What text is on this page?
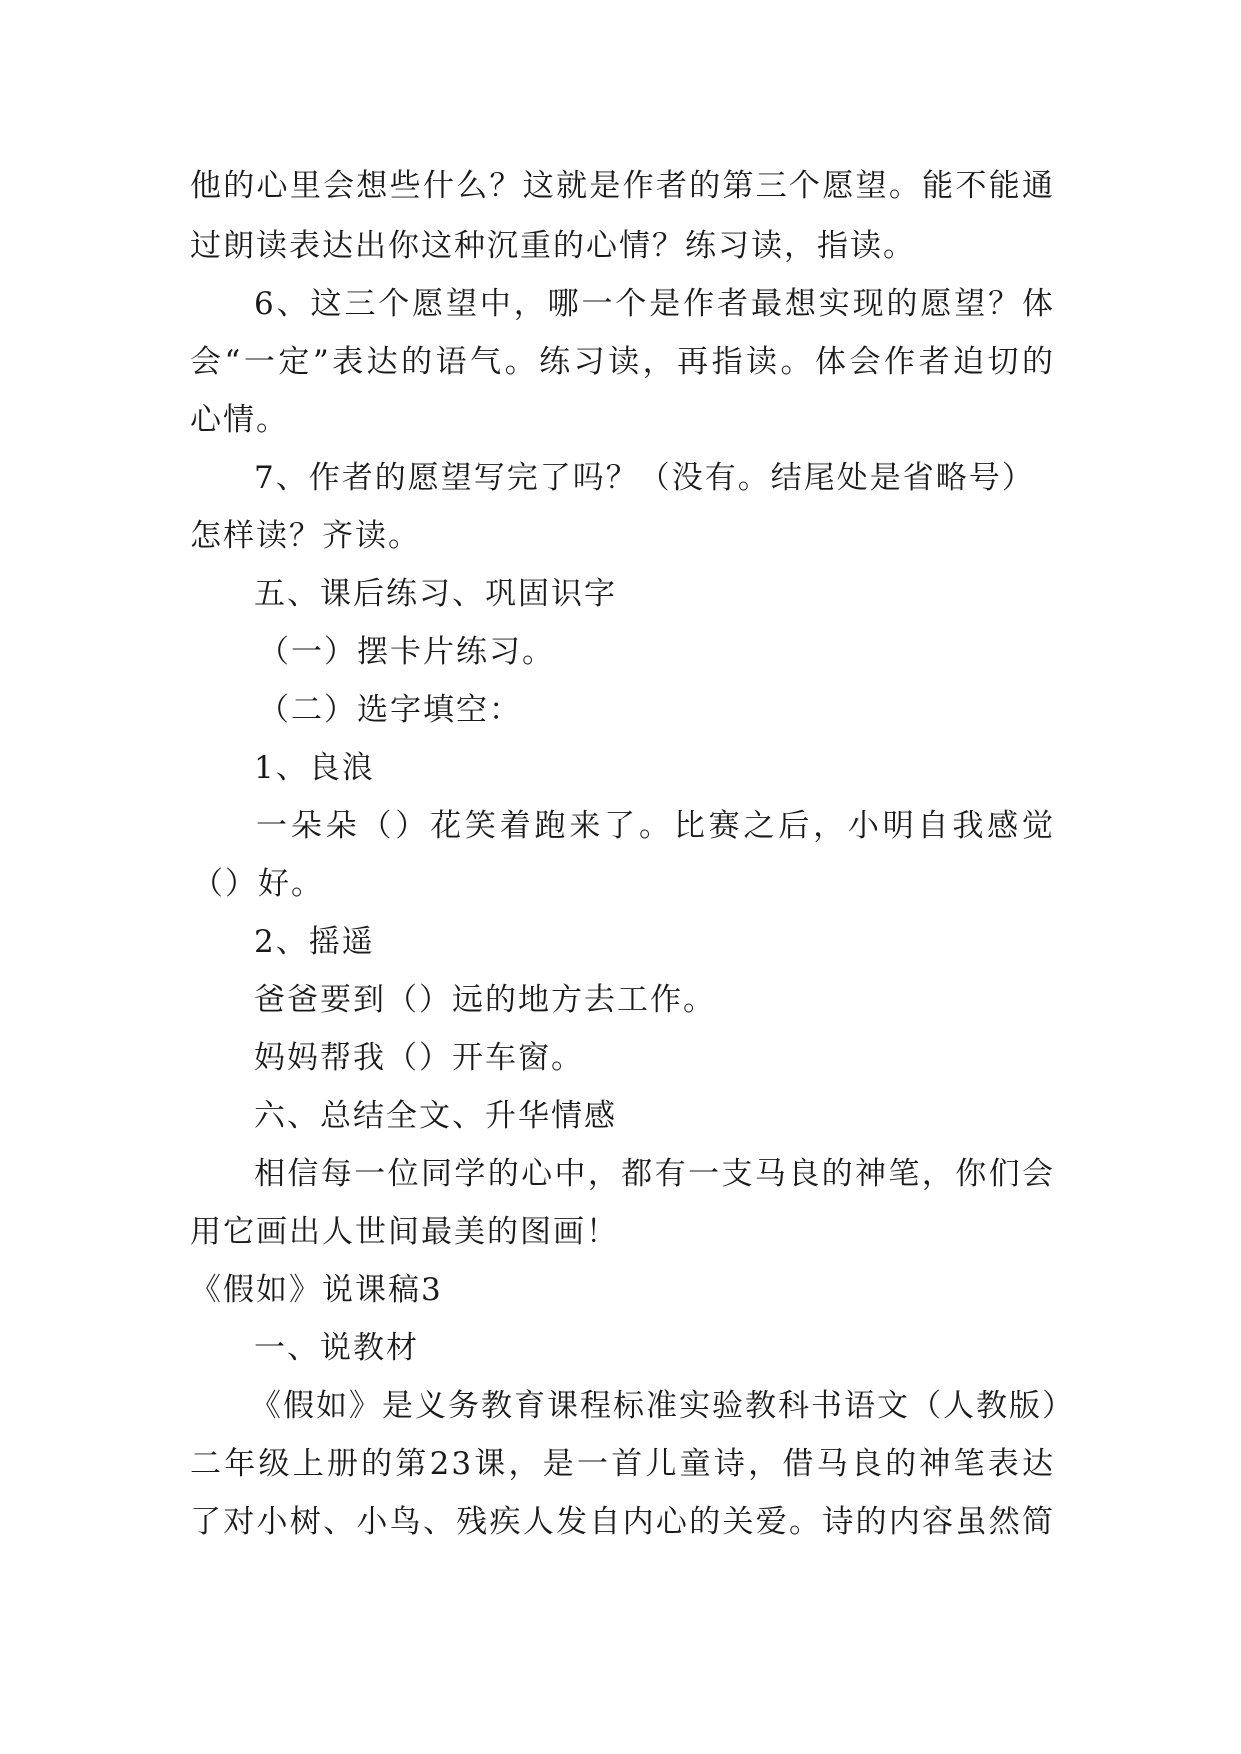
他的心里会想些什么？这就是作者的第三个愿望。能不能通
过朗读表达出你这种沉重的心情？练习读，指读。
6、这三个愿望中，哪一个是作者最想实现的愿望？体
会“一定”表达的语气。练习读，再指读。体会作者迫切的
心情。
7、作者的愿望写完了吗？（没有。结尾处是省略号）
怎样读？齐读。
五、课后练习、巩固识字
（一）摆卡片练习。
（二）选字填空：
1、良浪
一朵朵（）花笑着跑来了。比赛之后，小明自我感觉
（）好。
2、摇遥
爸爸要到（）远的地方去工作。
妈妈帮我（）开车窗。
六、总结全文、升华情感
相信每一位同学的心中，都有一支马良的神笔，你们会
用它画出人世间最美的图画！
《假如》说课稿3
一、说教材
《假如》是义务教育课程标准实验教科书语文（人教版）
二年级上册的第23课，是一首儿童诗，借马良的神笔表达
了对小树、小鸟、残疾人发自内心的关爱。诗的内容虽然简
